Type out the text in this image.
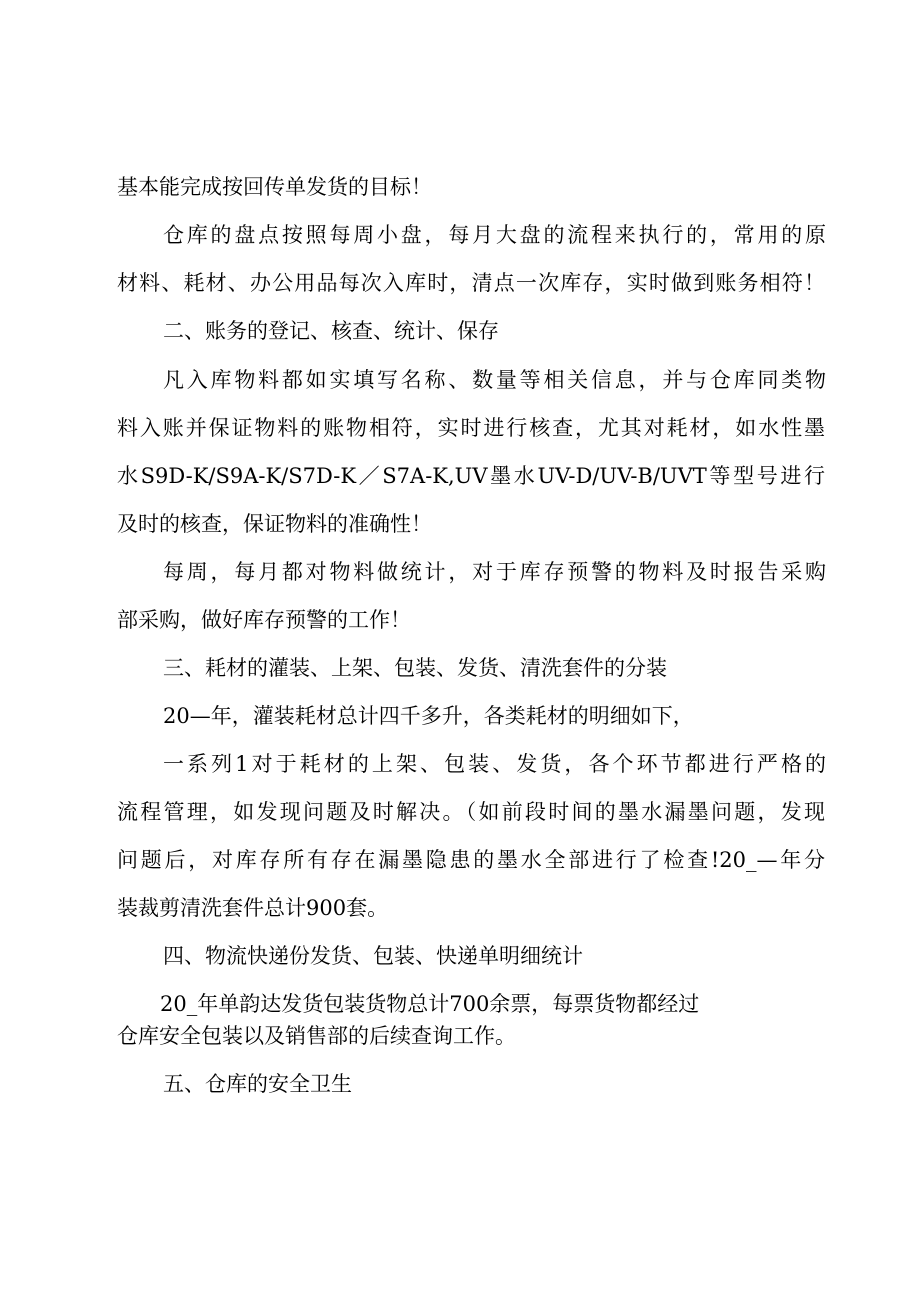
基本能完成按回传单发货的目标！

仓库的盘点按照每周小盘，每月大盘的流程来执行的，常用的原

材料、耗材、办公用品每次入库时，清点一次库存，实时做到账务相符！

二、账务的登记、核查、统计、保存

凡入库物料都如实填写名称、数量等相关信息，并与仓库同类物

料入账并保证物料的账物相符，实时进行核查，尤其对耗材，如水性墨

水S9D-K/S9A-K/S7D-K／S7A-K,UV墨水UV-D/UV-B/UVT等型号进行

及时的核查，保证物料的准确性！

每周，每月都对物料做统计，对于库存预警的物料及时报告采购

部采购，做好库存预警的工作！

三、耗材的灌装、上架、包装、发货、清洗套件的分装

20—年，灌装耗材总计四千多升，各类耗材的明细如下，

一系列1对于耗材的上架、包装、发货，各个环节都进行严格的

流程管理，如发现问题及时解决。（如前段时间的墨水漏墨问题，发现

问题后，对库存所有存在漏墨隐患的墨水全部进行了检查!20_—年分

装裁剪清洗套件总计900套。

四、物流快递份发货、包装、快递单明细统计

20_年单韵达发货包装货物总计700余票，每票货物都经过

仓库安全包装以及销售部的后续查询工作。

五、仓库的安全卫生
